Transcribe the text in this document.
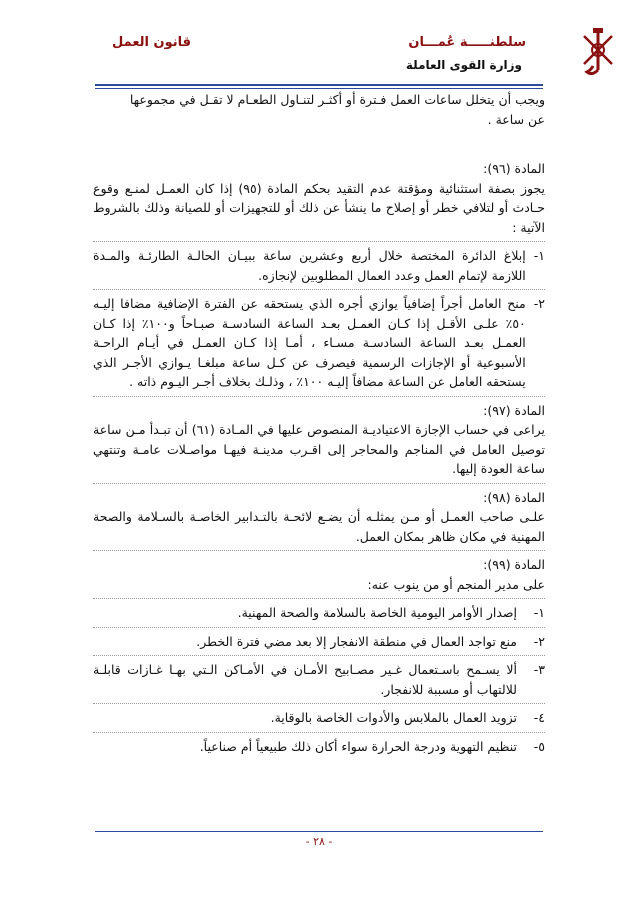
سلطنـــــة عُمـــان
وزارة القوى العاملة
قانون العمل

ويجب أن يتخلل ساعات العمل فـترة أو أكثـر لتنـاول الطعـام لا تقـل في مجموعها

عن ساعة .

المادة (٩٦):

يجوز بصفة استثنائية ومؤقتة عدم التقيد بحكم المادة (٩٥) إذا كان العمـل لمنـع وقوع حـادث أو لتلافي خطر أو إصلاح ما ينشأ عن ذلك أو للتجهيزات أو للصيانة وذلك بالشروط الآتية :

١-
إبلاغ الدائرة المختصة خلال أربع وعشرين ساعة ببيـان الحالـة الطارئـة والمـدة اللازمة لإتمام العمل وعدد العمال المطلوبين لإنجازه.
٢-
منح العامل أجراً إضافياً يوازي أجره الذي يستحقه عن الفترة الإضافية مضافا إليـه ٥٠٪ علـى الأقـل إذا كـان العمـل بعـد الساعة السادسـة صبـاحاً و١٠٠٪ إذا كـان العمـل بعـد الساعة السادسـة مسـاء ، أمـا إذا كـان العمـل في أيـام الراحـة الأسبوعية أو الإجازات الرسمية فيصرف عن كـل ساعة مبلغـا يـوازي الأجـر الذي يستحقه العامل عن الساعة مضافاً إليـه ١٠٠٪ ، وذلـك بخلاف أجـر اليـوم ذاته .

المادة (٩٧):

يراعى في حساب الإجازة الاعتياديـة المنصوص عليها في المـادة (٦١) أن تبـدأ مـن ساعة توصيل العامل في المناجم والمحاجر إلى اقـرب مدينـة فيهـا مواصـلات عامـة وتنتهي ساعة العودة إليها.

المادة (٩٨):

علـى صاحب العمـل أو مـن يمثلـه أن يضـع لائحـة بالتـدابير الخاصـة بالسـلامة والصحة المهنية في مكان ظاهر بمكان العمل.

المادة (٩٩):

على مدير المنجم أو من ينوب عنه:

١-
إصدار الأوامر اليومية الخاصة بالسلامة والصحة المهنية.
٢-
منع تواجد العمال في منطقة الانفجار إلا بعد مضي فترة الخطر.
٣-
ألا يسـمح باسـتعمال غـير مصـابيح الأمـان في الأمـاكن الـتي بهـا غـازات قابلـة للالتهاب أو مسببة للانفجار.
٤-
تزويد العمال بالملابس والأدوات الخاصة بالوقاية.
٥-
تنظيم التهوية ودرجة الحرارة سواء أكان ذلك طبيعياً أم صناعياً.
- ٢٨ -
